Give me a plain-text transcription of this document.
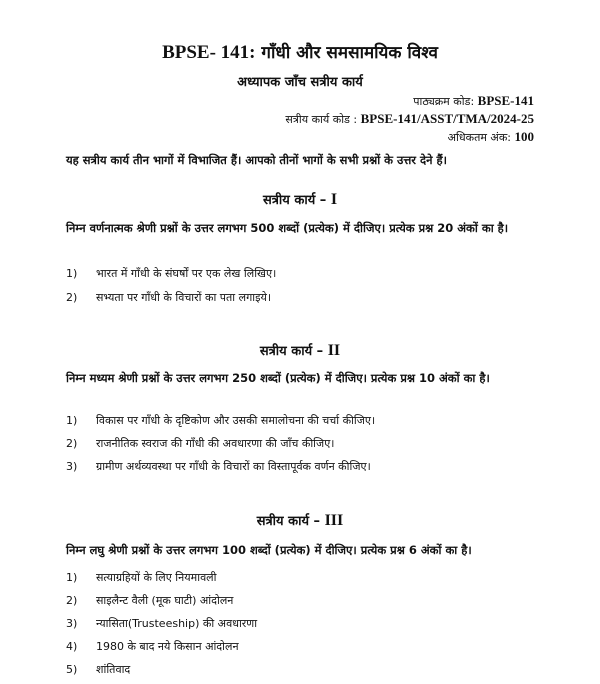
BPSE- 141: गाँधी और समसामयिक विश्व
अध्यापक जाँच सत्रीय कार्य
पाठ्यक्रम कोड: BPSE-141
सत्रीय कार्य कोड : BPSE-141/ASST/TMA/2024-25
अधिकतम अंक: 100
यह सत्रीय कार्य तीन भागों में विभाजित हैं। आपको तीनों भागों के सभी प्रश्नों के उत्तर देने हैं।
सत्रीय कार्य – I
निम्न वर्णनात्मक श्रेणी प्रश्नों के उत्तर लगभग 500 शब्दों (प्रत्येक) में दीजिए। प्रत्येक प्रश्न 20 अंकों का है।
1) भारत में गाँधी के संघर्षों पर एक लेख लिखिए।
2) सभ्यता पर गाँधी के विचारों का पता लगाइये।
सत्रीय कार्य – II
निम्न मध्यम श्रेणी प्रश्नों के उत्तर लगभग 250 शब्दों (प्रत्येक) में दीजिए। प्रत्येक प्रश्न 10 अंकों का है।
1) विकास पर गाँधी के दृष्टिकोण और उसकी समालोचना की चर्चा कीजिए।
2) राजनीतिक स्वराज की गाँधी की अवधारणा की जाँच कीजिए।
3) ग्रामीण अर्थव्यवस्था पर गाँधी के विचारों का विस्तापूर्वक वर्णन कीजिए।
सत्रीय कार्य – III
निम्न लघु श्रेणी प्रश्नों के उत्तर लगभग 100 शब्दों (प्रत्येक) में दीजिए। प्रत्येक प्रश्न 6 अंकों का है।
1) सत्याग्रहियों के लिए नियमावली
2) साइलैन्ट वैली (मूक घाटी) आंदोलन
3) न्यासिता(Trusteeship) की अवधारणा
4) 1980 के बाद नये किसान आंदोलन
5) शांतिवाद
